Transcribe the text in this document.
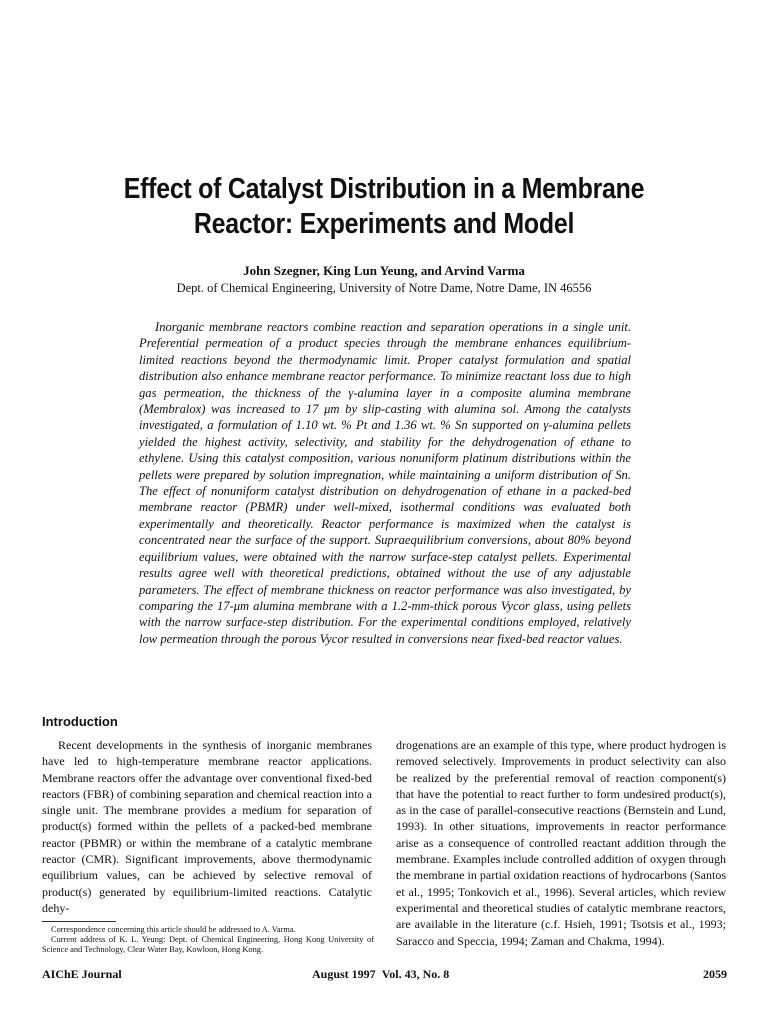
Effect of Catalyst Distribution in a Membrane Reactor: Experiments and Model
John Szegner, King Lun Yeung, and Arvind Varma
Dept. of Chemical Engineering, University of Notre Dame, Notre Dame, IN 46556
Inorganic membrane reactors combine reaction and separation operations in a single unit. Preferential permeation of a product species through the membrane enhances equilibrium-limited reactions beyond the thermodynamic limit. Proper catalyst formulation and spatial distribution also enhance membrane reactor performance. To minimize reactant loss due to high gas permeation, the thickness of the γ-alumina layer in a composite alumina membrane (Membralox) was increased to 17 μm by slip-casting with alumina sol. Among the catalysts investigated, a formulation of 1.10 wt. % Pt and 1.36 wt. % Sn supported on γ-alumina pellets yielded the highest activity, selectivity, and stability for the dehydrogenation of ethane to ethylene. Using this catalyst composition, various nonuniform platinum distributions within the pellets were prepared by solution impregnation, while maintaining a uniform distribution of Sn. The effect of nonuniform catalyst distribution on dehydrogenation of ethane in a packed-bed membrane reactor (PBMR) under well-mixed, isothermal conditions was evaluated both experimentally and theoretically. Reactor performance is maximized when the catalyst is concentrated near the surface of the support. Supraequilibrium conversions, about 80% beyond equilibrium values, were obtained with the narrow surface-step catalyst pellets. Experimental results agree well with theoretical predictions, obtained without the use of any adjustable parameters. The effect of membrane thickness on reactor performance was also investigated, by comparing the 17-μm alumina membrane with a 1.2-mm-thick porous Vycor glass, using pellets with the narrow surface-step distribution. For the experimental conditions employed, relatively low permeation through the porous Vycor resulted in conversions near fixed-bed reactor values.
Introduction
Recent developments in the synthesis of inorganic membranes have led to high-temperature membrane reactor applications. Membrane reactors offer the advantage over conventional fixed-bed reactors (FBR) of combining separation and chemical reaction into a single unit. The membrane provides a medium for separation of product(s) formed within the pellets of a packed-bed membrane reactor (PBMR) or within the membrane of a catalytic membrane reactor (CMR). Significant improvements, above thermodynamic equilibrium values, can be achieved by selective removal of product(s) generated by equilibrium-limited reactions. Catalytic dehy-
drogenations are an example of this type, where product hydrogen is removed selectively. Improvements in product selectivity can also be realized by the preferential removal of reaction component(s) that have the potential to react further to form undesired product(s), as in the case of parallel-consecutive reactions (Bernstein and Lund, 1993). In other situations, improvements in reactor performance arise as a consequence of controlled reactant addition through the membrane. Examples include controlled addition of oxygen through the membrane in partial oxidation reactions of hydrocarbons (Santos et al., 1995; Tonkovich et al., 1996). Several articles, which review experimental and theoretical studies of catalytic membrane reactors, are available in the literature (c.f. Hsieh, 1991; Tsotsis et al., 1993; Saracco and Speccia, 1994; Zaman and Chakma, 1994).

Correspondence concerning this article should be addressed to A. Varma.

Current address of K. L. Yeung: Dept. of Chemical Engineering, Hong Kong University of Science and Technology, Clear Water Bay, Kowloon, Hong Kong.

AIChE Journal	August 1997 Vol. 43, No. 8	2059
